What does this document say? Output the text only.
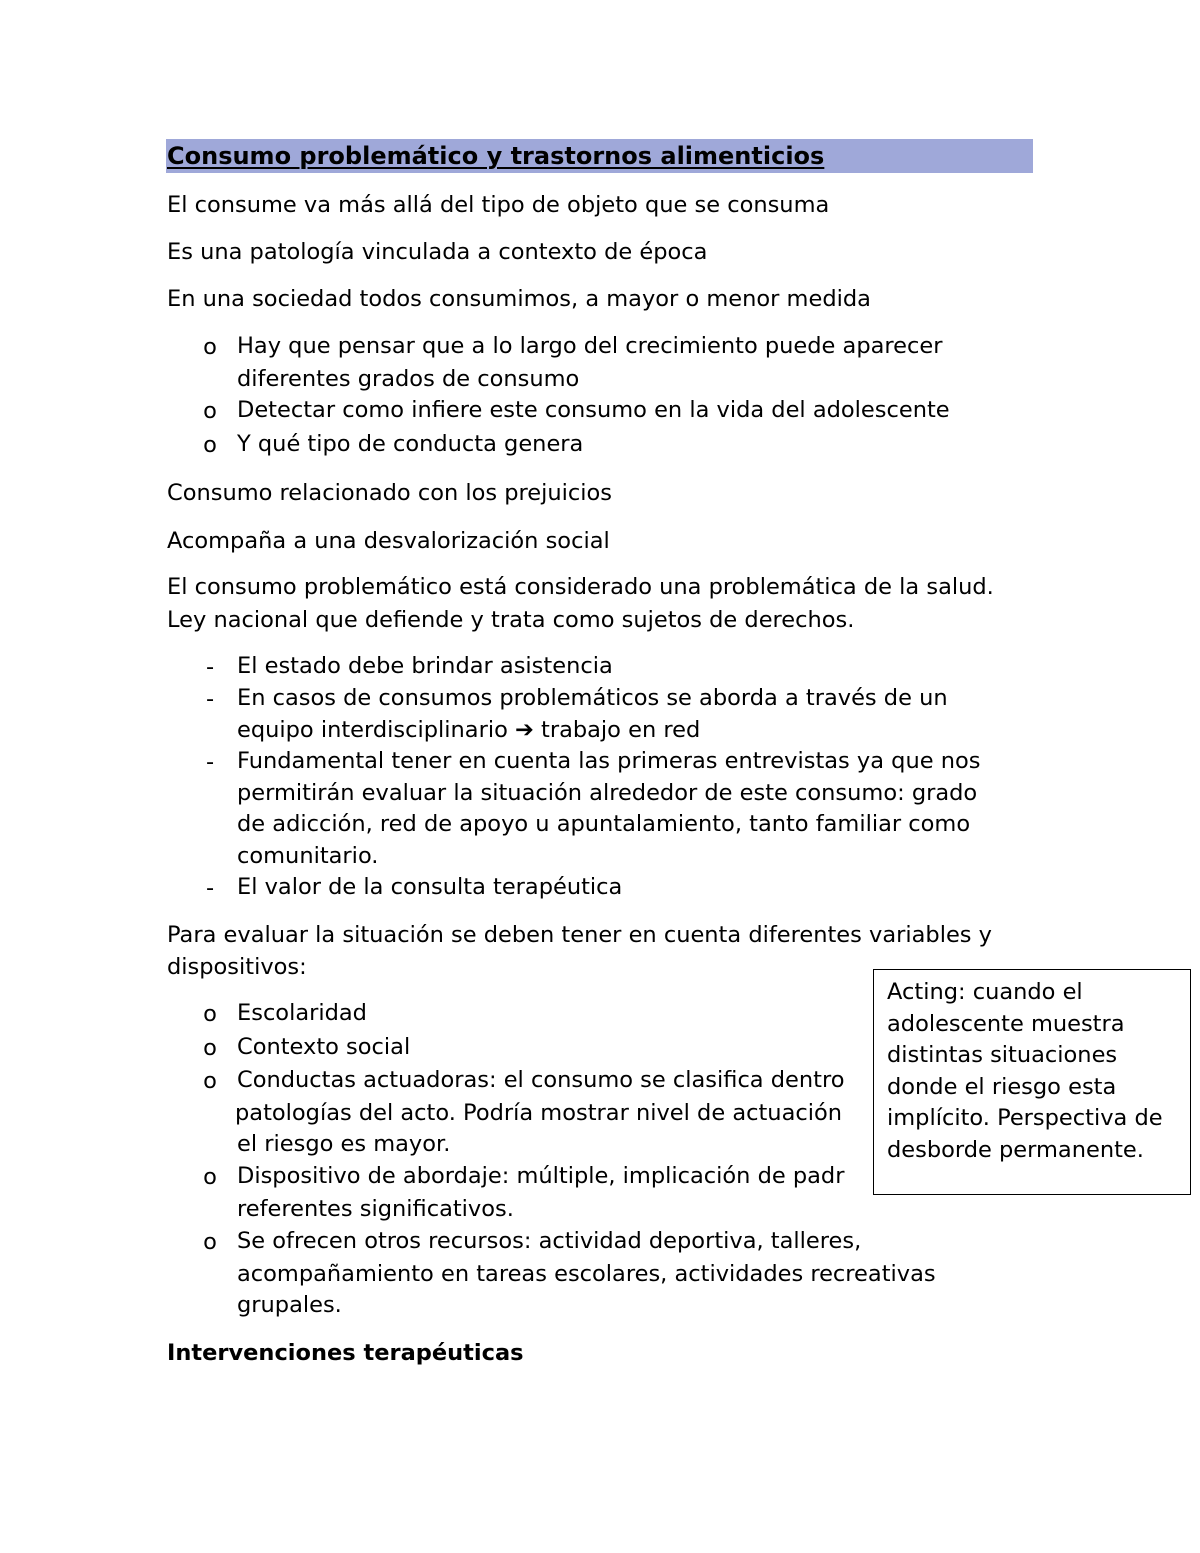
Consumo problemático y trastornos alimenticios

El consume va más allá del tipo de objeto que se consuma

Es una patología vinculada a contexto de época

En una sociedad todos consumimos, a mayor o menor medida

o Hay que pensar que a lo largo del crecimiento puede aparecer
diferentes grados de consumo
o Detectar como infiere este consumo en la vida del adolescente
o Y qué tipo de conducta genera

Consumo relacionado con los prejuicios

Acompaña a una desvalorización social

El consumo problemático está considerado una problemática de la salud.

Ley nacional que defiende y trata como sujetos de derechos.

- El estado debe brindar asistencia
- En casos de consumos problemáticos se aborda a través de un
equipo interdisciplinario ➔ trabajo en red
- Fundamental tener en cuenta las primeras entrevistas ya que nos
permitirán evaluar la situación alrededor de este consumo: grado
de adicción, red de apoyo u apuntalamiento, tanto familiar como
comunitario.
- El valor de la consulta terapéutica

Para evaluar la situación se deben tener en cuenta diferentes variables y

dispositivos:

o Escolaridad
o Contexto social
o Conductas actuadoras: el consumo se clasifica dentro
patologías del acto. Podría mostrar nivel de actuación
el riesgo es mayor.
o Dispositivo de abordaje: múltiple, implicación de padr
referentes significativos.
o Se ofrecen otros recursos: actividad deportiva, talleres,
acompañamiento en tareas escolares, actividades recreativas
grupales.
Intervenciones terapéuticas
Acting: cuando el
adolescente muestra
distintas situaciones
donde el riesgo esta
implícito. Perspectiva de
desborde permanente.
